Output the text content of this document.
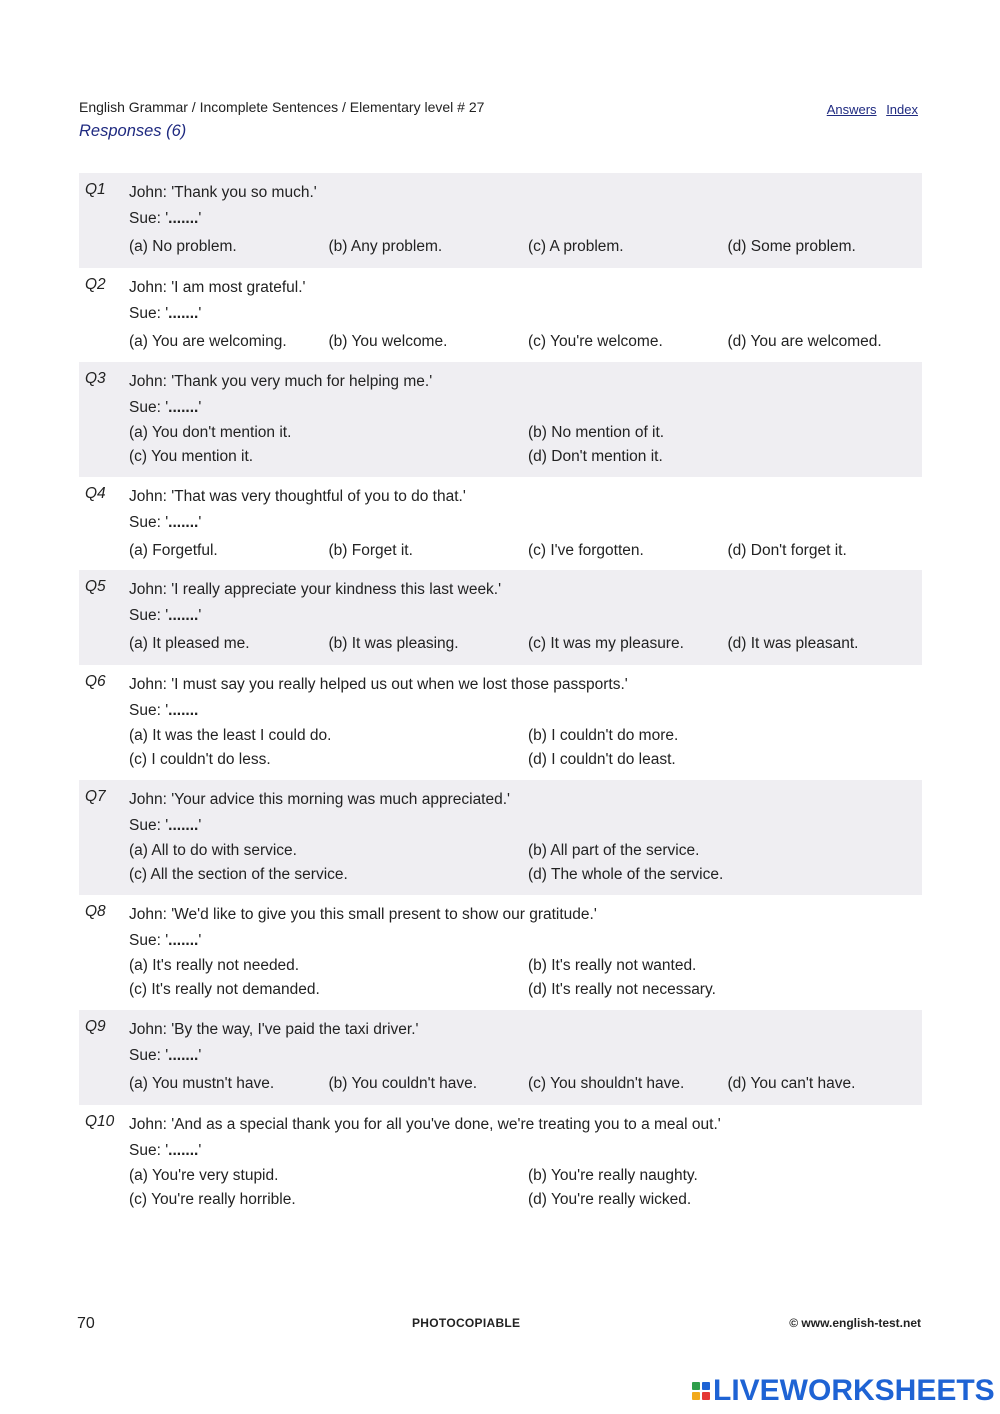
English Grammar / Incomplete Sentences / Elementary level # 27
Responses (6)
Answers Index
Q1 John: 'Thank you so much.'
Sue: '.......'
(a) No problem.	(b) Any problem.	(c) A problem.	(d) Some problem.
Q2 John: 'I am most grateful.'
Sue: '.......'
(a) You are welcoming.	(b) You welcome.	(c) You're welcome.	(d) You are welcomed.
Q3 John: 'Thank you very much for helping me.'
Sue: '.......'
(a) You don't mention it.	(b) No mention of it.
(c) You mention it.	(d) Don't mention it.
Q4 John: 'That was very thoughtful of you to do that.'
Sue: '.......'
(a) Forgetful.	(b) Forget it.	(c) I've forgotten.	(d) Don't forget it.
Q5 John: 'I really appreciate your kindness this last week.'
Sue: '.......'
(a) It pleased me.	(b) It was pleasing.	(c) It was my pleasure.	(d) It was pleasant.
Q6 John: 'I must say you really helped us out when we lost those passports.'
Sue: '.......
(a) It was the least I could do.	(b) I couldn't do more.
(c) I couldn't do less.	(d) I couldn't do least.
Q7 John: 'Your advice this morning was much appreciated.'
Sue: '.......'
(a) All to do with service.	(b) All part of the service.
(c) All the section of the service.	(d) The whole of the service.
Q8 John: 'We'd like to give you this small present to show our gratitude.'
Sue: '.......'
(a) It's really not needed.	(b) It's really not wanted.
(c) It's really not demanded.	(d) It's really not necessary.
Q9 John: 'By the way, I've paid the taxi driver.'
Sue: '.......'
(a) You mustn't have.	(b) You couldn't have.	(c) You shouldn't have.	(d) You can't have.
Q10 John: 'And as a special thank you for all you've done, we're treating you to a meal out.'
Sue: '.......'
(a) You're very stupid.	(b) You're really naughty.
(c) You're really horrible.	(d) You're really wicked.
70	PHOTOCOPIABLE	© www.english-test.net
LIVEWORKSHEETS
